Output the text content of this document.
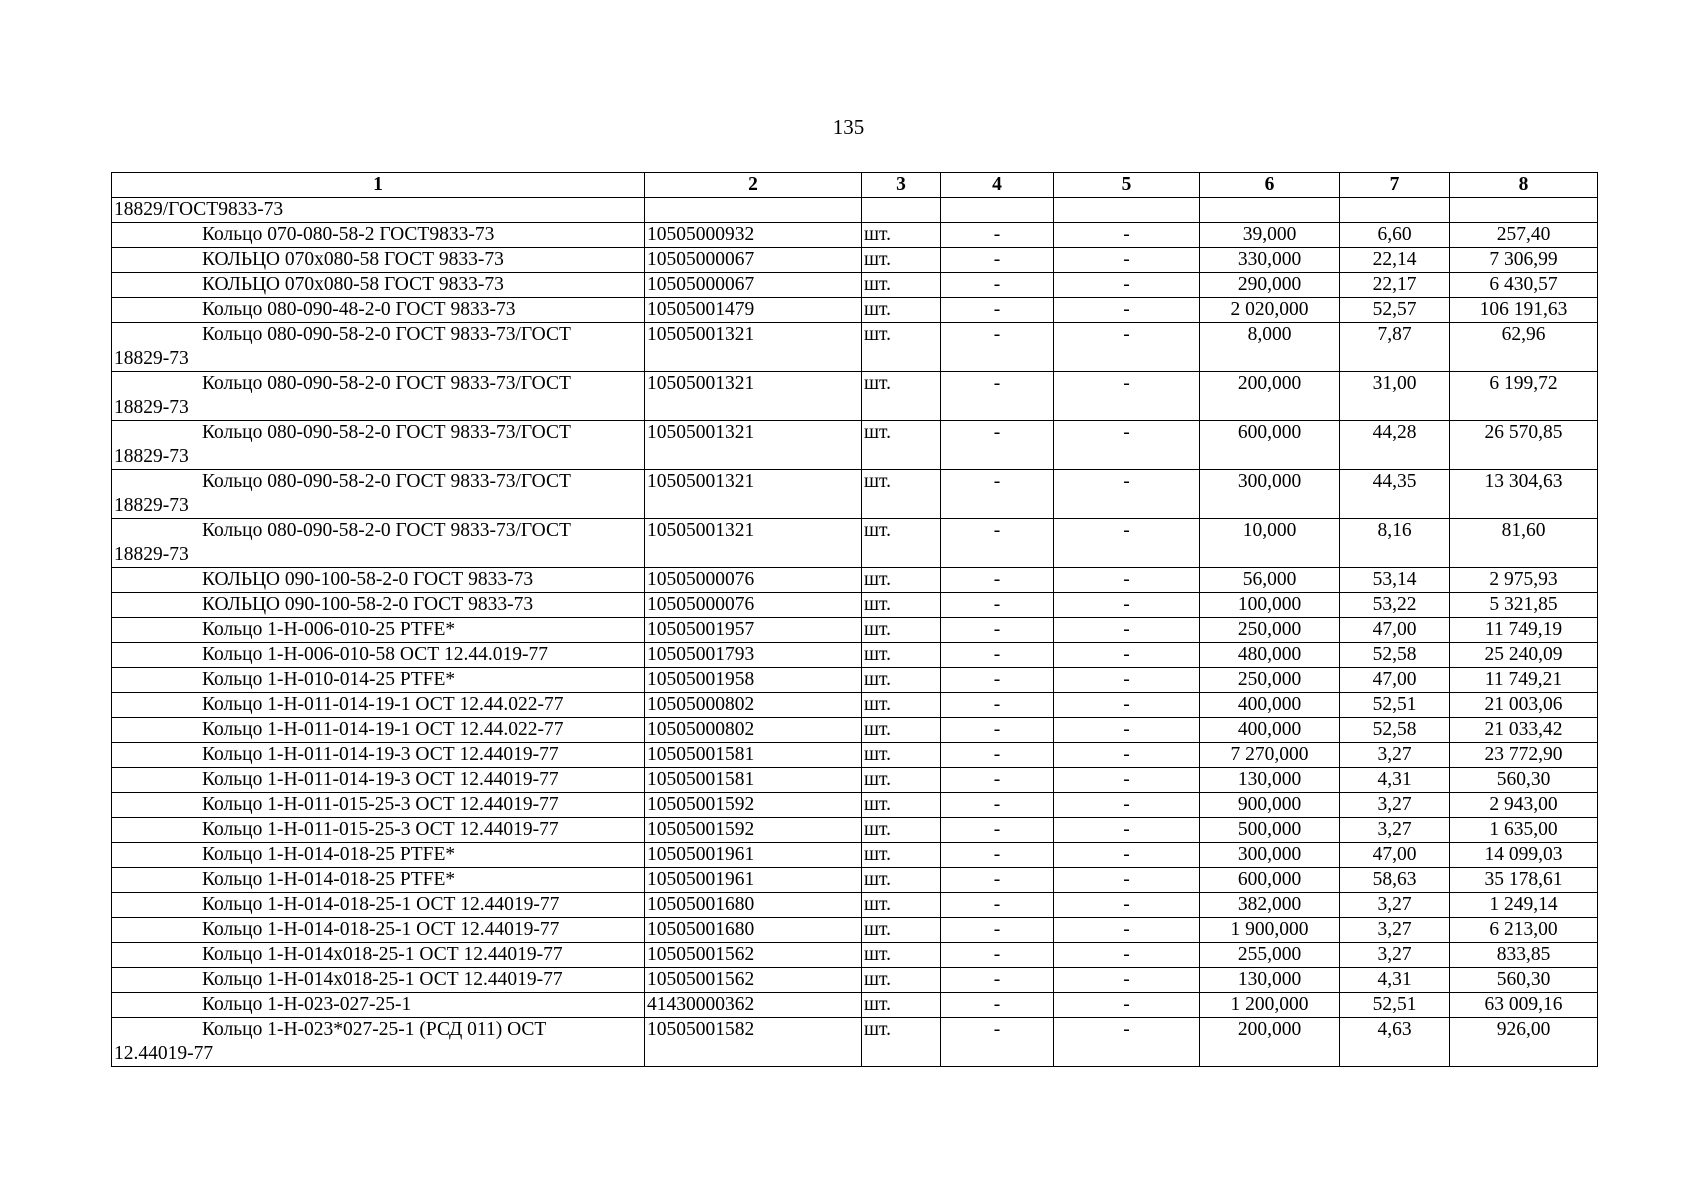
135
1	2	3	4	5	6	7	8

18829/ГОСТ9833-73							

Кольцо 070-080-58-2 ГОСТ9833-73	10505000932	шт.	-	-	39,000	6,60	257,40

КОЛЬЦО 070х080-58 ГОСТ 9833-73	10505000067	шт.	-	-	330,000	22,14	7 306,99

КОЛЬЦО 070х080-58 ГОСТ 9833-73	10505000067	шт.	-	-	290,000	22,17	6 430,57

Кольцо 080-090-48-2-0 ГОСТ 9833-73	10505001479	шт.	-	-	2 020,000	52,57	106 191,63

Кольцо 080-090-58-2-0 ГОСТ 9833-73/ГОСТ
18829-73	10505001321	шт.	-	-	8,000	7,87	62,96

Кольцо 080-090-58-2-0 ГОСТ 9833-73/ГОСТ
18829-73	10505001321	шт.	-	-	200,000	31,00	6 199,72

Кольцо 080-090-58-2-0 ГОСТ 9833-73/ГОСТ
18829-73	10505001321	шт.	-	-	600,000	44,28	26 570,85

Кольцо 080-090-58-2-0 ГОСТ 9833-73/ГОСТ
18829-73	10505001321	шт.	-	-	300,000	44,35	13 304,63

Кольцо 080-090-58-2-0 ГОСТ 9833-73/ГОСТ
18829-73	10505001321	шт.	-	-	10,000	8,16	81,60

КОЛЬЦО 090-100-58-2-0 ГОСТ 9833-73	10505000076	шт.	-	-	56,000	53,14	2 975,93

КОЛЬЦО 090-100-58-2-0 ГОСТ 9833-73	10505000076	шт.	-	-	100,000	53,22	5 321,85

Кольцо 1-Н-006-010-25 PTFE*	10505001957	шт.	-	-	250,000	47,00	11 749,19

Кольцо 1-Н-006-010-58 ОСТ 12.44.019-77	10505001793	шт.	-	-	480,000	52,58	25 240,09

Кольцо 1-Н-010-014-25 PTFE*	10505001958	шт.	-	-	250,000	47,00	11 749,21

Кольцо 1-Н-011-014-19-1 ОСТ 12.44.022-77	10505000802	шт.	-	-	400,000	52,51	21 003,06

Кольцо 1-Н-011-014-19-1 ОСТ 12.44.022-77	10505000802	шт.	-	-	400,000	52,58	21 033,42

Кольцо 1-Н-011-014-19-3 ОСТ 12.44019-77	10505001581	шт.	-	-	7 270,000	3,27	23 772,90

Кольцо 1-Н-011-014-19-3 ОСТ 12.44019-77	10505001581	шт.	-	-	130,000	4,31	560,30

Кольцо 1-Н-011-015-25-3 ОСТ 12.44019-77	10505001592	шт.	-	-	900,000	3,27	2 943,00

Кольцо 1-Н-011-015-25-3 ОСТ 12.44019-77	10505001592	шт.	-	-	500,000	3,27	1 635,00

Кольцо 1-Н-014-018-25 PTFE*	10505001961	шт.	-	-	300,000	47,00	14 099,03

Кольцо 1-Н-014-018-25 PTFE*	10505001961	шт.	-	-	600,000	58,63	35 178,61

Кольцо 1-Н-014-018-25-1 ОСТ 12.44019-77	10505001680	шт.	-	-	382,000	3,27	1 249,14

Кольцо 1-Н-014-018-25-1 ОСТ 12.44019-77	10505001680	шт.	-	-	1 900,000	3,27	6 213,00

Кольцо 1-Н-014х018-25-1 ОСТ 12.44019-77	10505001562	шт.	-	-	255,000	3,27	833,85

Кольцо 1-Н-014х018-25-1 ОСТ 12.44019-77	10505001562	шт.	-	-	130,000	4,31	560,30

Кольцо 1-Н-023-027-25-1	41430000362	шт.	-	-	1 200,000	52,51	63 009,16

Кольцо 1-Н-023*027-25-1 (РСД 011) ОСТ
12.44019-77	10505001582	шт.	-	-	200,000	4,63	926,00
